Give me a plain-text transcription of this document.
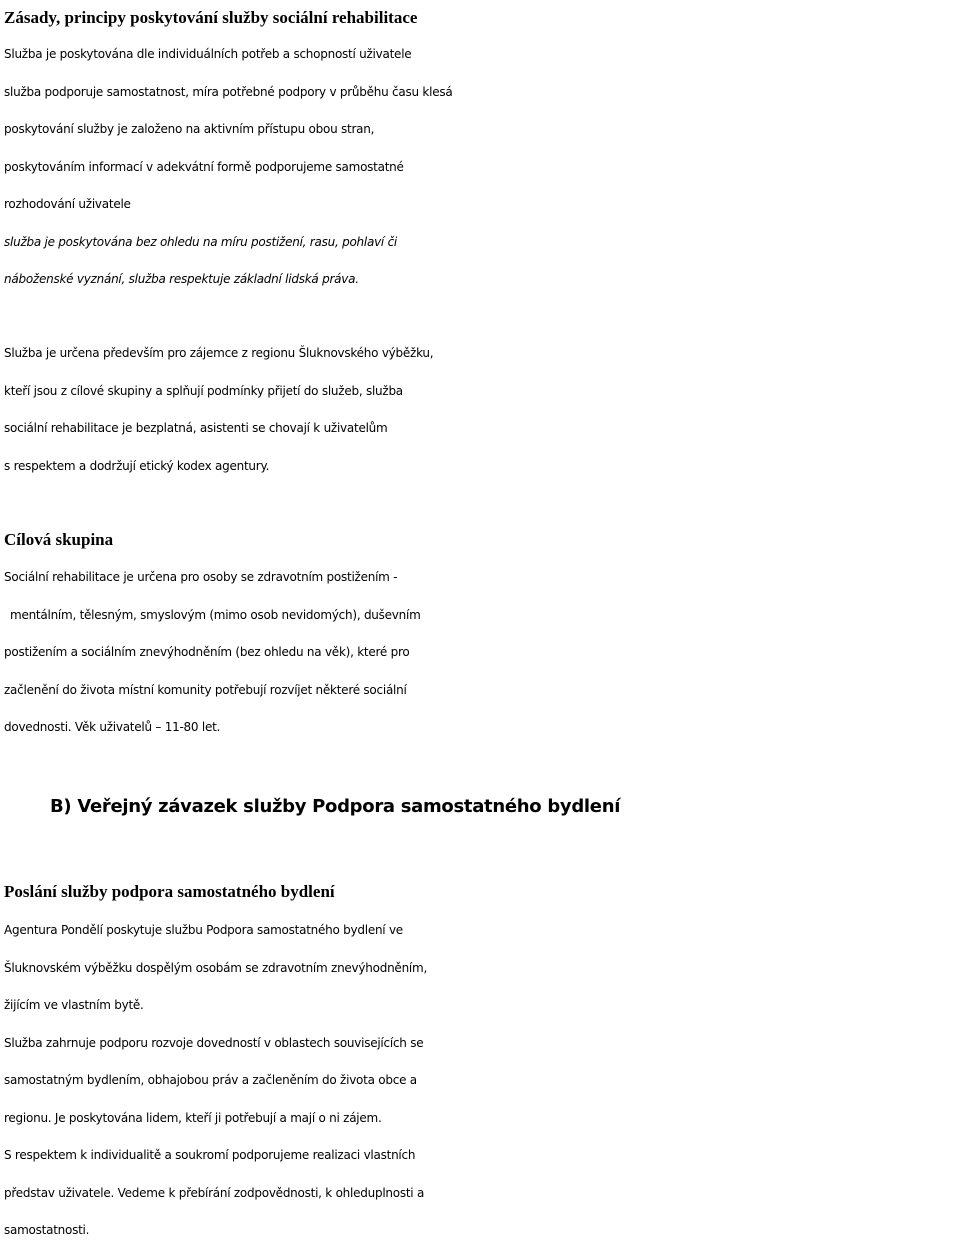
Zásady, principy poskytování služby sociální rehabilitace

Služba je poskytována dle individuálních potřeb a schopností uživatele

služba podporuje samostatnost, míra potřebné podpory v průběhu času klesá

poskytování služby je založeno na aktivním přístupu obou stran,

poskytováním informací v adekvátní formě podporujeme samostatné

rozhodování uživatele

služba je poskytována bez ohledu na míru postižení, rasu, pohlaví či

náboženské vyznání, služba respektuje základní lidská práva.

Služba je určena především pro zájemce z regionu Šluknovského výběžku,

kteří jsou z cílové skupiny a splňují podmínky přijetí do služeb, služba

sociální rehabilitace je bezplatná, asistenti se chovají k uživatelům

s respektem a dodržují etický kodex agentury.

Cílová skupina

Sociální rehabilitace je určena pro osoby se zdravotním postižením -

mentálním, tělesným, smyslovým (mimo osob nevidomých), duševním

postižením a sociálním znevýhodněním (bez ohledu na věk), které pro

začlenění do života místní komunity potřebují rozvíjet některé sociální

dovednosti. Věk uživatelů – 11-80 let.

B) Veřejný závazek služby Podpora samostatného bydlení
Poslání služby podpora samostatného bydlení

Agentura Pondělí poskytuje službu Podpora samostatného bydlení ve

Šluknovském výběžku dospělým osobám se zdravotním znevýhodněním,

žijícím ve vlastním bytě.

Služba zahrnuje podporu rozvoje dovedností v oblastech souvisejících se

samostatným bydlením, obhajobou práv a začleněním do života obce a

regionu. Je poskytována lidem, kteří ji potřebují a mají o ni zájem.

S respektem k individualitě a soukromí podporujeme realizaci vlastních

představ uživatele. Vedeme k přebírání zodpovědnosti, k ohleduplnosti a

samostatnosti.
